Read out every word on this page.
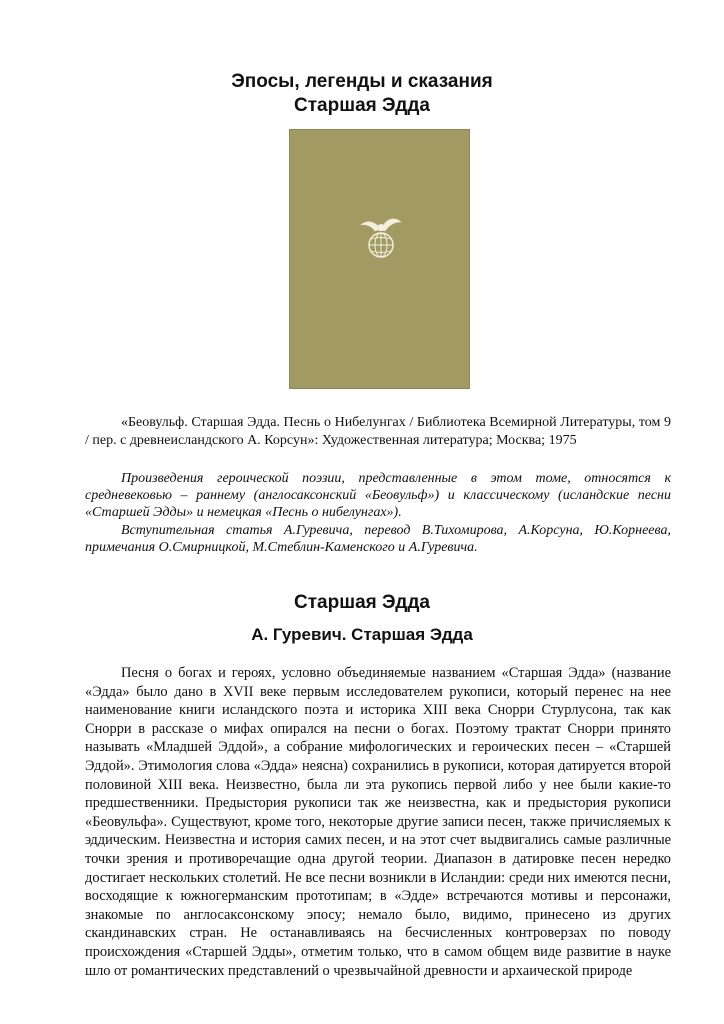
Эпосы, легенды и сказания
Старшая Эдда

«Беовульф. Старшая Эдда. Песнь о Нибелунгах / Библиотека Всемирной Литературы, том 9 / пер. с древнеисландского А. Корсун»: Художественная литература; Москва; 1975

Произведения героической поэзии, представленные в этом томе, относятся к средневековью – раннему (англосаксонский «Беовульф») и классическому (исландские песни «Старшей Эдды» и немецкая «Песнь о нибелунгах»).

Вступительная статья А.Гуревича, перевод В.Тихомирова, А.Корсуна, Ю.Корнеева, примечания О.Смирницкой, М.Стеблин-Каменского и А.Гуревича.

Старшая Эдда
А. Гуревич. Старшая Эдда

Песня о богах и героях, условно объединяемые названием «Старшая Эдда» (название «Эдда» было дано в XVII веке первым исследователем рукописи, который перенес на нее наименование книги исландского поэта и историка XIII века Снорри Стурлусона, так как Снорри в рассказе о мифах опирался на песни о богах. Поэтому трактат Снорри принято называть «Младшей Эддой», а собрание мифологических и героических песен – «Старшей Эддой». Этимология слова «Эдда» неясна) сохранились в рукописи, которая датируется второй половиной XIII века. Неизвестно, была ли эта рукопись первой либо у нее были какие-то предшественники. Предыстория рукописи так же неизвестна, как и предыстория рукописи «Беовульфа». Существуют, кроме того, некоторые другие записи песен, также причисляемых к эддическим. Неизвестна и история самих песен, и на этот счет выдвигались самые различные точки зрения и противоречащие одна другой теории. Диапазон в датировке песен нередко достигает нескольких столетий. Не все песни возникли в Исландии: среди них имеются песни, восходящие к южногерманским прототипам; в «Эдде» встречаются мотивы и персонажи, знакомые по англосаксонскому эпосу; немало было, видимо, принесено из других скандинавских стран. Не останавливаясь на бесчисленных контроверзах по поводу происхождения «Старшей Эдды», отметим только, что в самом общем виде развитие в науке шло от романтических представлений о чрезвычайной древности и архаической природе
